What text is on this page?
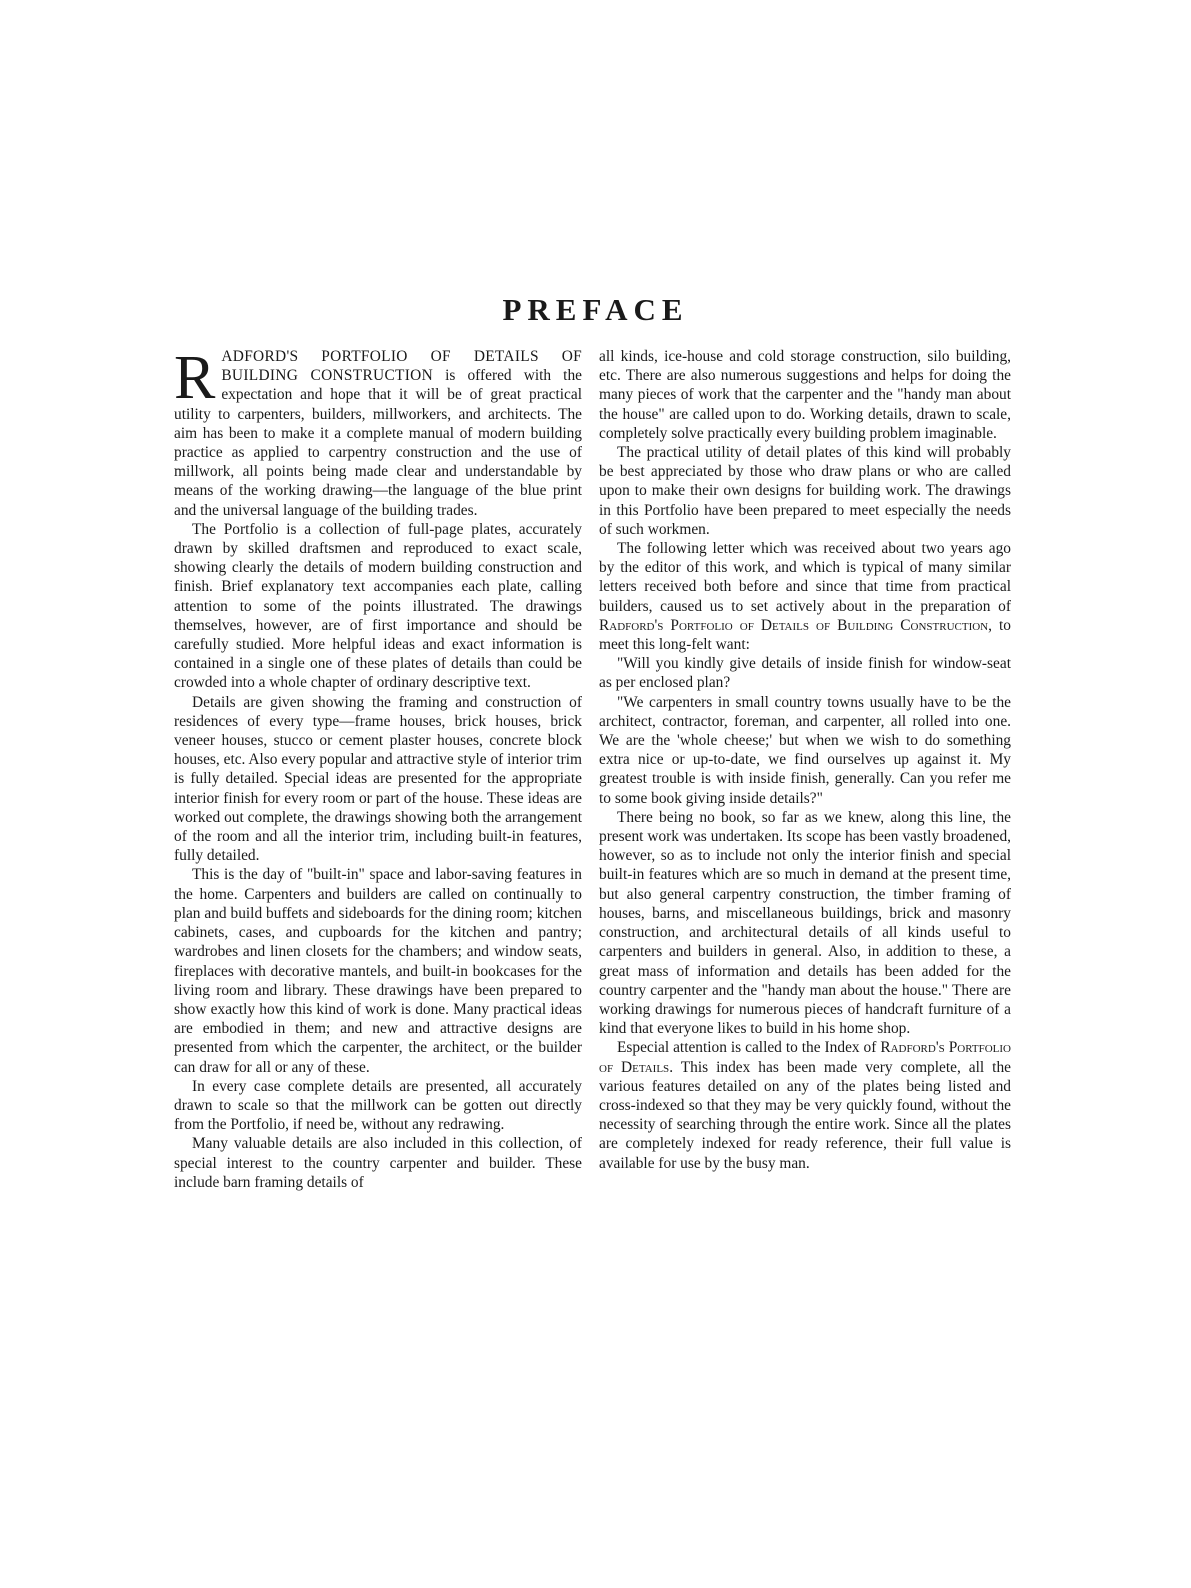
PREFACE

RADFORD'S PORTFOLIO OF DETAILS OF BUILDING CONSTRUCTION is offered with the expectation and hope that it will be of great practical utility to carpenters, builders, millworkers, and architects. The aim has been to make it a complete manual of modern building practice as applied to carpentry construction and the use of millwork, all points being made clear and understandable by means of the working drawing—the language of the blue print and the universal language of the building trades.

The Portfolio is a collection of full-page plates, accurately drawn by skilled draftsmen and reproduced to exact scale, showing clearly the details of modern building construction and finish. Brief explanatory text accompanies each plate, calling attention to some of the points illustrated. The drawings themselves, however, are of first importance and should be carefully studied. More helpful ideas and exact information is contained in a single one of these plates of details than could be crowded into a whole chapter of ordinary descriptive text.

Details are given showing the framing and construction of residences of every type—frame houses, brick houses, brick veneer houses, stucco or cement plaster houses, concrete block houses, etc. Also every popular and attractive style of interior trim is fully detailed. Special ideas are presented for the appropriate interior finish for every room or part of the house. These ideas are worked out complete, the drawings showing both the arrangement of the room and all the interior trim, including built-in features, fully detailed.

This is the day of "built-in" space and labor-saving features in the home. Carpenters and builders are called on continually to plan and build buffets and sideboards for the dining room; kitchen cabinets, cases, and cupboards for the kitchen and pantry; wardrobes and linen closets for the chambers; and window seats, fireplaces with decorative mantels, and built-in bookcases for the living room and library. These drawings have been prepared to show exactly how this kind of work is done. Many practical ideas are embodied in them; and new and attractive designs are presented from which the carpenter, the architect, or the builder can draw for all or any of these.

In every case complete details are presented, all accurately drawn to scale so that the millwork can be gotten out directly from the Portfolio, if need be, without any redrawing.

Many valuable details are also included in this collection, of special interest to the country carpenter and builder. These include barn framing details of

all kinds, ice-house and cold storage construction, silo building, etc. There are also numerous suggestions and helps for doing the many pieces of work that the carpenter and the "handy man about the house" are called upon to do. Working details, drawn to scale, completely solve practically every building problem imaginable.

The practical utility of detail plates of this kind will probably be best appreciated by those who draw plans or who are called upon to make their own designs for building work. The drawings in this Portfolio have been prepared to meet especially the needs of such workmen.

The following letter which was received about two years ago by the editor of this work, and which is typical of many similar letters received both before and since that time from practical builders, caused us to set actively about in the preparation of Radford's Portfolio of Details of Building Construction, to meet this long-felt want:

"Will you kindly give details of inside finish for window-seat as per enclosed plan?

"We carpenters in small country towns usually have to be the architect, contractor, foreman, and carpenter, all rolled into one. We are the 'whole cheese;' but when we wish to do something extra nice or up-to-date, we find ourselves up against it. My greatest trouble is with inside finish, generally. Can you refer me to some book giving inside details?"

There being no book, so far as we knew, along this line, the present work was undertaken. Its scope has been vastly broadened, however, so as to include not only the interior finish and special built-in features which are so much in demand at the present time, but also general carpentry construction, the timber framing of houses, barns, and miscellaneous buildings, brick and masonry construction, and architectural details of all kinds useful to carpenters and builders in general. Also, in addition to these, a great mass of information and details has been added for the country carpenter and the "handy man about the house." There are working drawings for numerous pieces of handcraft furniture of a kind that everyone likes to build in his home shop.

Especial attention is called to the Index of Radford's Portfolio of Details. This index has been made very complete, all the various features detailed on any of the plates being listed and cross-indexed so that they may be very quickly found, without the necessity of searching through the entire work. Since all the plates are completely indexed for ready reference, their full value is available for use by the busy man.
